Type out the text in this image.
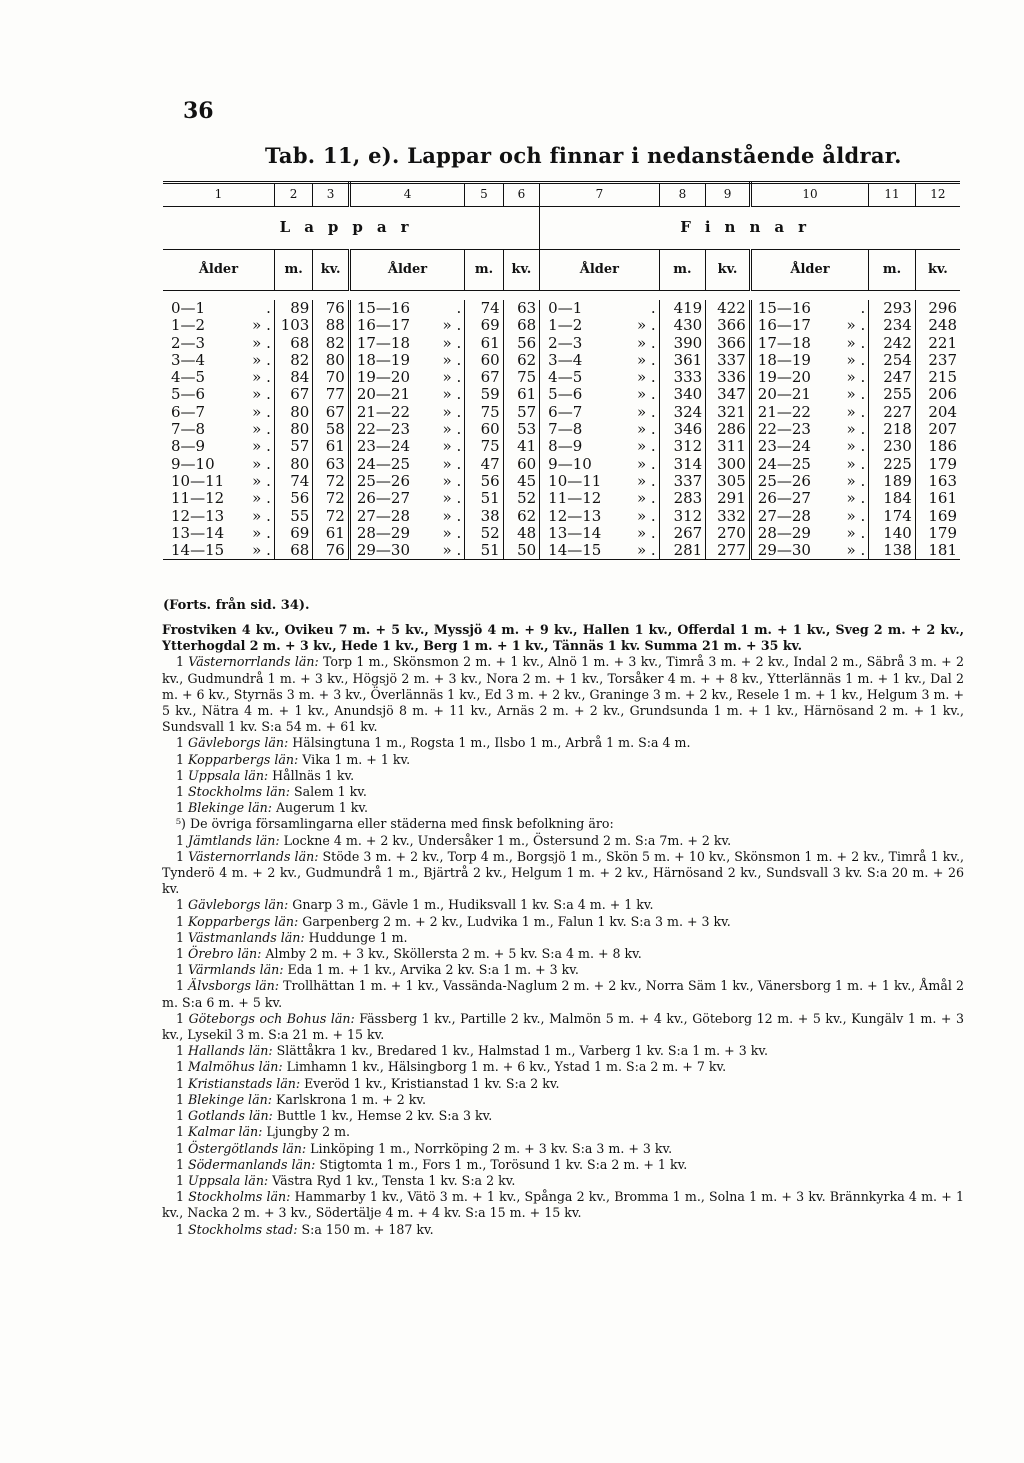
36
Tab. 11, e). Lappar och finnar i nedanstående åldrar.
1	2	3	4	5	6	7	8	9	10	11	12
Lappar						Finnar					
Ålder	m.	kv.	Ålder	m.	kv.	Ålder	m.	kv.	Ålder	m.	kv.

0—1 .	89	76	15—16 .	74	63	0—1 .	419	422	15—16 .	293	296
1—2 » .	103	88	16—17 » .	69	68	1—2 » .	430	366	16—17 » .	234	248
2—3 » .	68	82	17—18 » .	61	56	2—3 » .	390	366	17—18 » .	242	221
3—4 » .	82	80	18—19 » .	60	62	3—4 » .	361	337	18—19 » .	254	237
4—5 » .	84	70	19—20 » .	67	75	4—5 » .	333	336	19—20 » .	247	215
5—6 » .	67	77	20—21 » .	59	61	5—6 » .	340	347	20—21 » .	255	206
6—7 » .	80	67	21—22 » .	75	57	6—7 » .	324	321	21—22 » .	227	204
7—8 » .	80	58	22—23 » .	60	53	7—8 » .	346	286	22—23 » .	218	207
8—9 » .	57	61	23—24 » .	75	41	8—9 » .	312	311	23—24 » .	230	186
9—10 » .	80	63	24—25 » .	47	60	9—10 » .	314	300	24—25 » .	225	179
10—11 » .	74	72	25—26 » .	56	45	10—11 » .	337	305	25—26 » .	189	163
11—12 » .	56	72	26—27 » .	51	52	11—12 » .	283	291	26—27 » .	184	161
12—13 » .	55	72	27—28 » .	38	62	12—13 » .	312	332	27—28 » .	174	169
13—14 » .	69	61	28—29 » .	52	48	13—14 » .	267	270	28—29 » .	140	179
14—15 » .	68	76	29—30 » .	51	50	14—15 » .	281	277	29—30 » .	138	181
(Forts. från sid. 34).

Frostviken 4 kv., Ovikeu 7 m. + 5 kv., Myssjö 4 m. + 9 kv., Hallen 1 kv., Offerdal 1 m. + 1 kv., Sveg 2 m. + 2 kv., Ytterhogdal 2 m. + 3 kv., Hede 1 kv., Berg 1 m. + 1 kv., Tännäs 1 kv. Summa 21 m. + 35 kv.

1 Västernorrlands län: Torp 1 m., Skönsmon 2 m. + 1 kv., Alnö 1 m. + 3 kv., Timrå 3 m. + 2 kv., Indal 2 m., Säbrå 3 m. + 2 kv., Gudmundrå 1 m. + 3 kv., Högsjö 2 m. + 3 kv., Nora 2 m. + 1 kv., Torsåker 4 m. + + 8 kv., Ytterlännäs 1 m. + 1 kv., Dal 2 m. + 6 kv., Styrnäs 3 m. + 3 kv., Överlännäs 1 kv., Ed 3 m. + 2 kv., Graninge 3 m. + 2 kv., Resele 1 m. + 1 kv., Helgum 3 m. + 5 kv., Nätra 4 m. + 1 kv., Anundsjö 8 m. + 11 kv., Arnäs 2 m. + 2 kv., Grundsunda 1 m. + 1 kv., Härnösand 2 m. + 1 kv., Sundsvall 1 kv. S:a 54 m. + 61 kv.

1 Gävleborgs län: Hälsingtuna 1 m., Rogsta 1 m., Ilsbo 1 m., Arbrå 1 m. S:a 4 m.

1 Kopparbergs län: Vika 1 m. + 1 kv.

1 Uppsala län: Hållnäs 1 kv.

1 Stockholms län: Salem 1 kv.

1 Blekinge län: Augerum 1 kv.

⁵) De övriga församlingarna eller städerna med finsk befolkning äro:

1 Jämtlands län: Lockne 4 m. + 2 kv., Undersåker 1 m., Östersund 2 m. S:a 7m. + 2 kv.

1 Västernorrlands län: Stöde 3 m. + 2 kv., Torp 4 m., Borgsjö 1 m., Skön 5 m. + 10 kv., Skönsmon 1 m. + 2 kv., Timrå 1 kv., Tynderö 4 m. + 2 kv., Gudmundrå 1 m., Bjärtrå 2 kv., Helgum 1 m. + 2 kv., Härnösand 2 kv., Sundsvall 3 kv. S:a 20 m. + 26 kv.

1 Gävleborgs län: Gnarp 3 m., Gävle 1 m., Hudiksvall 1 kv. S:a 4 m. + 1 kv.

1 Kopparbergs län: Garpenberg 2 m. + 2 kv., Ludvika 1 m., Falun 1 kv. S:a 3 m. + 3 kv.

1 Västmanlands län: Huddunge 1 m.

1 Örebro län: Almby 2 m. + 3 kv., Sköllersta 2 m. + 5 kv. S:a 4 m. + 8 kv.

1 Värmlands län: Eda 1 m. + 1 kv., Arvika 2 kv. S:a 1 m. + 3 kv.

1 Älvsborgs län: Trollhättan 1 m. + 1 kv., Vassända-Naglum 2 m. + 2 kv., Norra Säm 1 kv., Vänersborg 1 m. + 1 kv., Åmål 2 m. S:a 6 m. + 5 kv.

1 Göteborgs och Bohus län: Fässberg 1 kv., Partille 2 kv., Malmön 5 m. + 4 kv., Göteborg 12 m. + 5 kv., Kungälv 1 m. + 3 kv., Lysekil 3 m. S:a 21 m. + 15 kv.

1 Hallands län: Slättåkra 1 kv., Bredared 1 kv., Halmstad 1 m., Varberg 1 kv. S:a 1 m. + 3 kv.

1 Malmöhus län: Limhamn 1 kv., Hälsingborg 1 m. + 6 kv., Ystad 1 m. S:a 2 m. + 7 kv.

1 Kristianstads län: Everöd 1 kv., Kristianstad 1 kv. S:a 2 kv.

1 Blekinge län: Karlskrona 1 m. + 2 kv.

1 Gotlands län: Buttle 1 kv., Hemse 2 kv. S:a 3 kv.

1 Kalmar län: Ljungby 2 m.

1 Östergötlands län: Linköping 1 m., Norrköping 2 m. + 3 kv. S:a 3 m. + 3 kv.

1 Södermanlands län: Stigtomta 1 m., Fors 1 m., Torösund 1 kv. S:a 2 m. + 1 kv.

1 Uppsala län: Västra Ryd 1 kv., Tensta 1 kv. S:a 2 kv.

1 Stockholms län: Hammarby 1 kv., Vätö 3 m. + 1 kv., Spånga 2 kv., Bromma 1 m., Solna 1 m. + 3 kv. Brännkyrka 4 m. + 1 kv., Nacka 2 m. + 3 kv., Södertälje 4 m. + 4 kv. S:a 15 m. + 15 kv.

1 Stockholms stad: S:a 150 m. + 187 kv.
